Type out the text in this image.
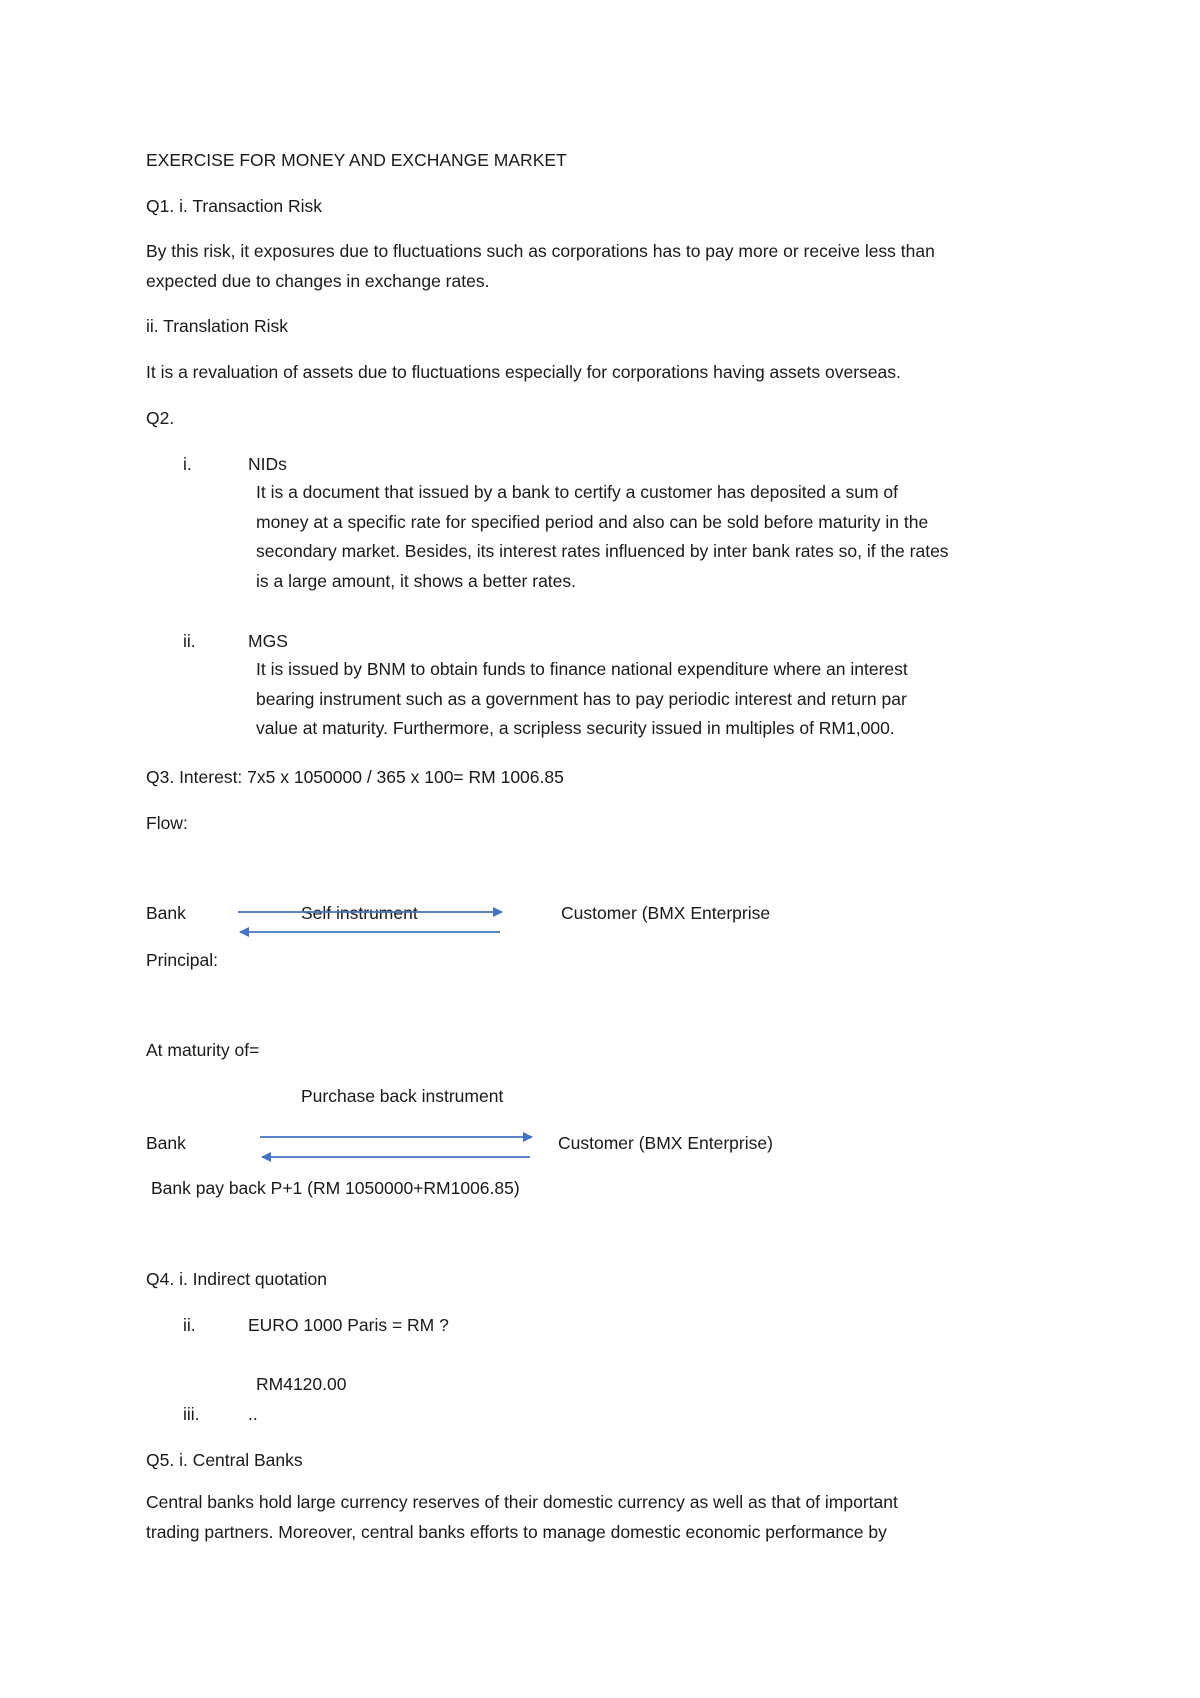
EXERCISE FOR MONEY AND EXCHANGE MARKET
Q1. i. Transaction Risk
By this risk, it exposures due to fluctuations such as corporations has to pay more or receive less than
expected due to changes in exchange rates.
ii. Translation Risk
It is a revaluation of assets due to fluctuations especially for corporations having assets overseas.
Q2.
i.	NIDs
It is a document that issued by a bank to certify a customer has deposited a sum of
money at a specific rate for specified period and also can be sold before maturity in the
secondary market. Besides, its interest rates influenced by inter bank rates so, if the rates
is a large amount, it shows a better rates.
ii.	MGS
It is issued by BNM to obtain funds to finance national expenditure where an interest
bearing instrument such as a government has to pay periodic interest and return par
value at maturity. Furthermore, a scripless security issued in multiples of RM1,000.
Q3. Interest: 7x5 x 1050000 / 365 x 100= RM 1006.85
Flow:
Bank	Self instrument	Customer (BMX Enterprise
Principal:
At maturity of=
Purchase back instrument
Bank	Customer (BMX Enterprise)
Bank pay back P+1 (RM 1050000+RM1006.85)
Q4. i. Indirect quotation
ii.	EURO 1000 Paris = RM ?
RM4120.00
iii.	..
Q5. i. Central Banks
Central banks hold large currency reserves of their domestic currency as well as that of important
trading partners. Moreover, central banks efforts to manage domestic economic performance by
